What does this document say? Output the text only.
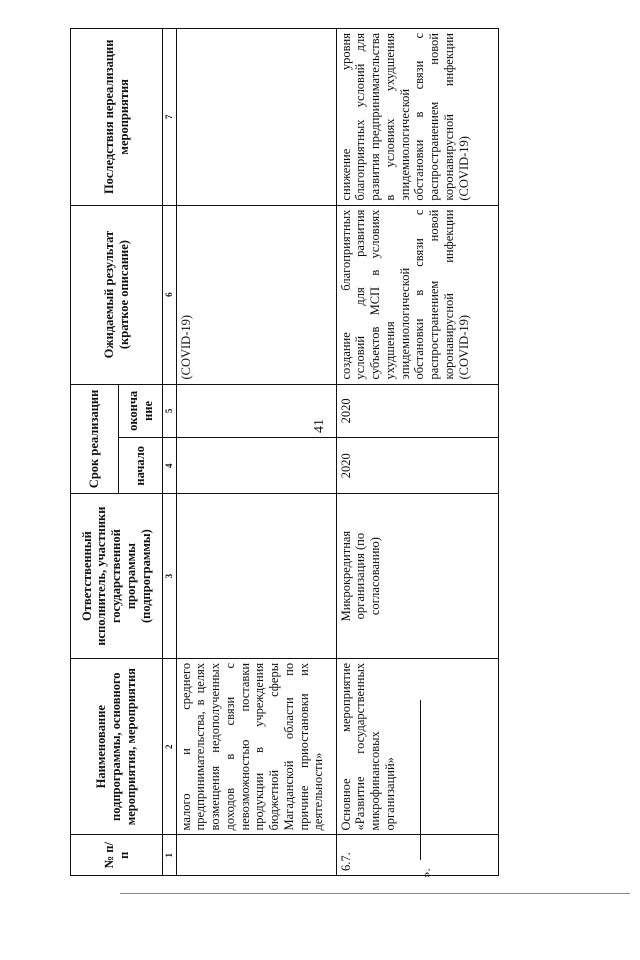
41
№ п/п	Наименование подпрограммы, основного мероприятия, мероприятия	Ответственный исполнитель, участники государственной программы (подпрограммы)	Срок реализации		Ожидаемый результат (краткое описание)	Последствия нереализации мероприятия
			начало	оконча ние		
1	2	3	4	5	6	7
	малого и среднего предпринимательства, в целях возмещения недополученных доходов в связи с невозможностью поставки продукции в учреждения бюджетной сферы Магаданской области по причине приостановки их деятельности»				(COVID-19)	
6.7.	Основное мероприятие «Развитие государственных микрофинансовых организаций»	Микрокредитная организация (по согласованию)	2020	2020	создание благоприятных условий для развития субъектов МСП в условиях ухудшения эпидемиологической обстановки в связи с распространением новой коронавирусной инфекции (COVID-19)	снижение уровня благоприятных условий для развития предпринимательства в условиях ухудшения эпидемиологической обстановки в связи с распространением новой коронавирусной инфекции (COVID-19)
».
